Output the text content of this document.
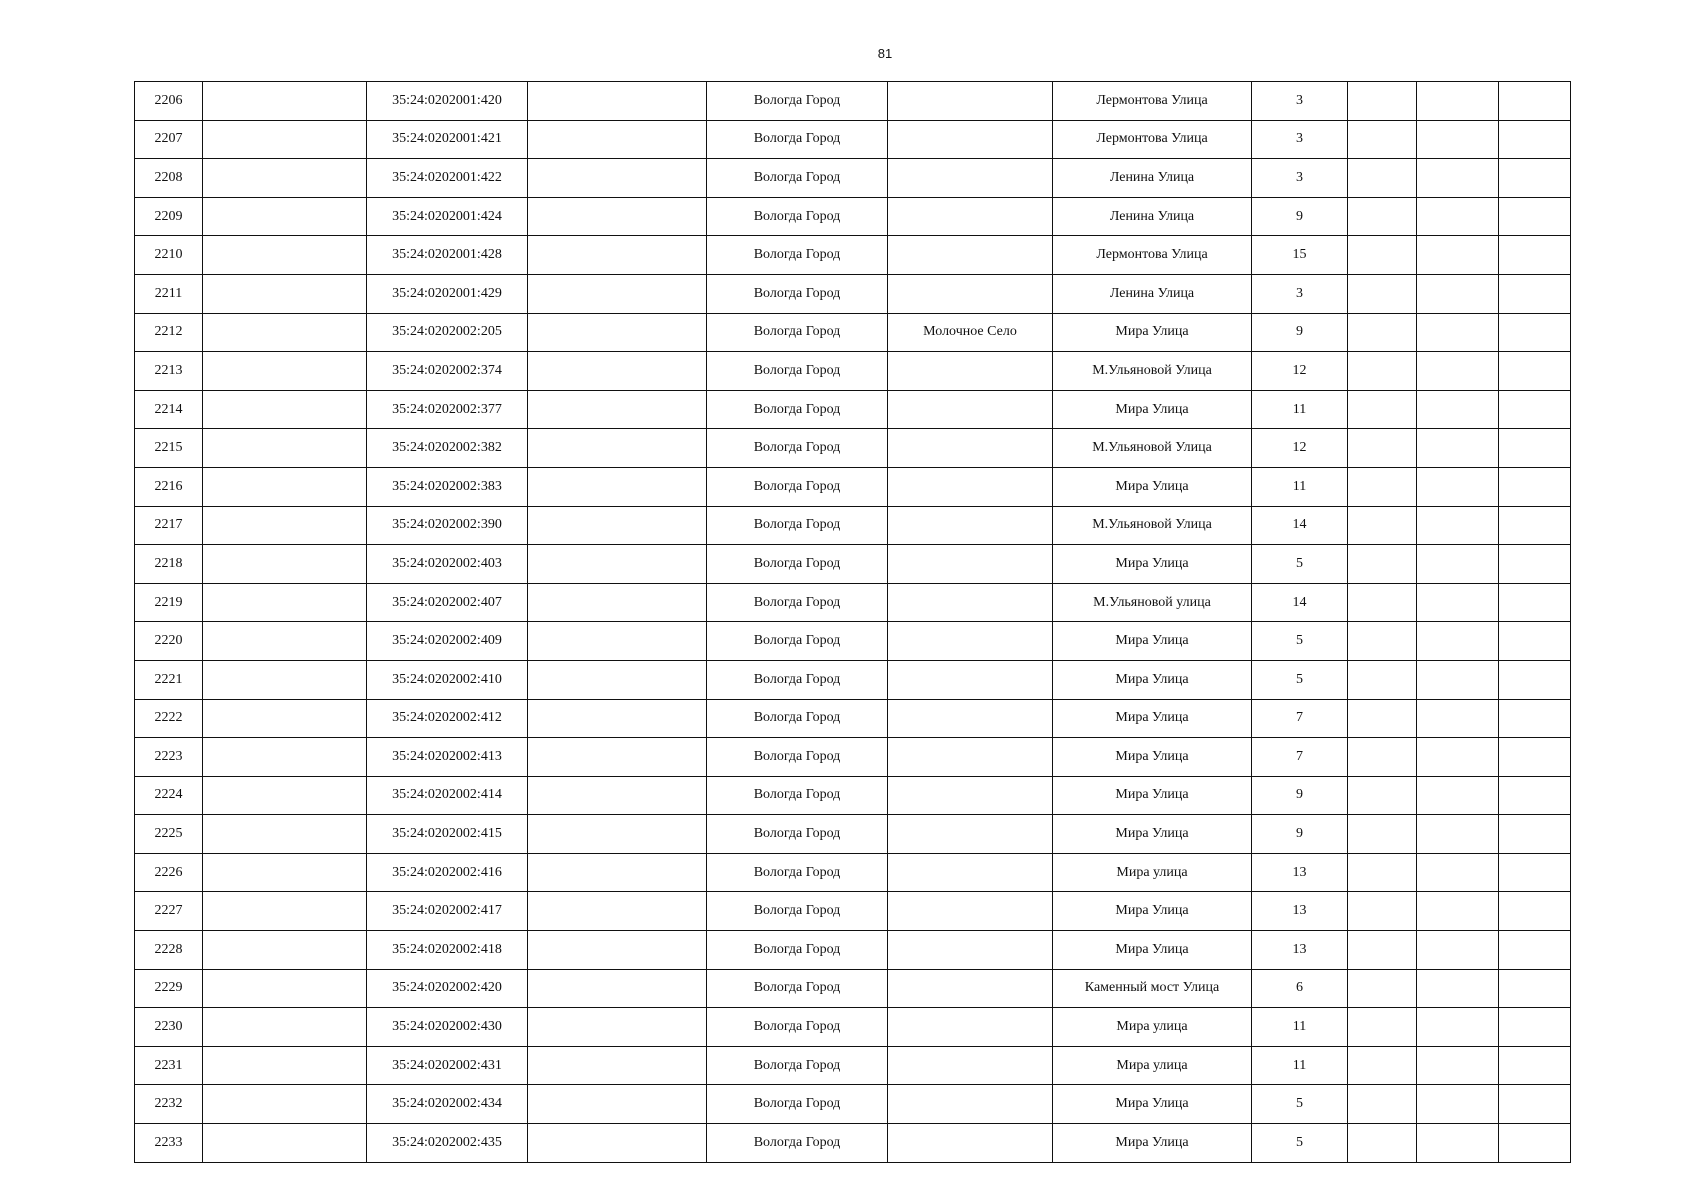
81
2206		35:24:0202001:420		Вологда Город		Лермонтова Улица	3			
2207		35:24:0202001:421		Вологда Город		Лермонтова Улица	3			
2208		35:24:0202001:422		Вологда Город		Ленина Улица	3			
2209		35:24:0202001:424		Вологда Город		Ленина Улица	9			
2210		35:24:0202001:428		Вологда Город		Лермонтова Улица	15			
2211		35:24:0202001:429		Вологда Город		Ленина Улица	3			
2212		35:24:0202002:205		Вологда Город	Молочное Село	Мира Улица	9			
2213		35:24:0202002:374		Вологда Город		М.Ульяновой Улица	12			
2214		35:24:0202002:377		Вологда Город		Мира Улица	11			
2215		35:24:0202002:382		Вологда Город		М.Ульяновой Улица	12			
2216		35:24:0202002:383		Вологда Город		Мира Улица	11			
2217		35:24:0202002:390		Вологда Город		М.Ульяновой Улица	14			
2218		35:24:0202002:403		Вологда Город		Мира Улица	5			
2219		35:24:0202002:407		Вологда Город		М.Ульяновой улица	14			
2220		35:24:0202002:409		Вологда Город		Мира Улица	5			
2221		35:24:0202002:410		Вологда Город		Мира Улица	5			
2222		35:24:0202002:412		Вологда Город		Мира Улица	7			
2223		35:24:0202002:413		Вологда Город		Мира Улица	7			
2224		35:24:0202002:414		Вологда Город		Мира Улица	9			
2225		35:24:0202002:415		Вологда Город		Мира Улица	9			
2226		35:24:0202002:416		Вологда Город		Мира улица	13			
2227		35:24:0202002:417		Вологда Город		Мира Улица	13			
2228		35:24:0202002:418		Вологда Город		Мира Улица	13			
2229		35:24:0202002:420		Вологда Город		Каменный мост Улица	6			
2230		35:24:0202002:430		Вологда Город		Мира улица	11			
2231		35:24:0202002:431		Вологда Город		Мира улица	11			
2232		35:24:0202002:434		Вологда Город		Мира Улица	5			
2233		35:24:0202002:435		Вологда Город		Мира Улица	5			
